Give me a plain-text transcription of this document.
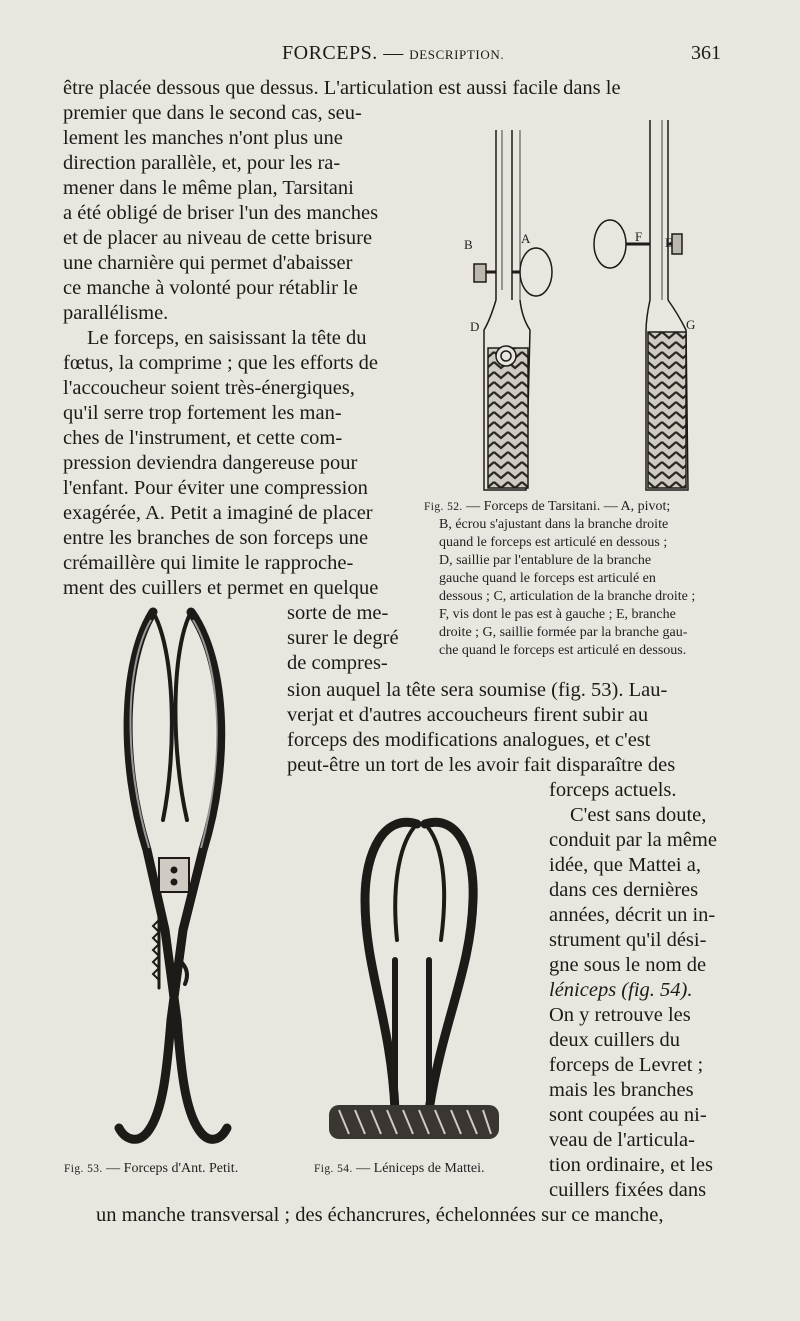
FORCEPS. — DESCRIPTION.	361
être placée dessous que dessus. L'articulation est aussi facile dans le
premier que dans le second cas, seu-
lement les manches n'ont plus une
direction parallèle, et, pour les ra-
mener dans le même plan, Tarsitani
a été obligé de briser l'un des manches
et de placer au niveau de cette brisure
une charnière qui permet d'abaisser
ce manche à volonté pour rétablir le
parallélisme.
Le forceps, en saisissant la tête du
fœtus, la comprime ; que les efforts de
l'accoucheur soient très-énergiques,
qu'il serre trop fortement les man-
ches de l'instrument, et cette com-
pression deviendra dangereuse pour
l'enfant. Pour éviter une compression
exagérée, A. Petit a imaginé de placer
entre les branches de son forceps une
crémaillère qui limite le rapproche-
ment des cuillers et permet en quelque
sorte de me-
surer le degré
de compres-
sion auquel la tête sera soumise (fig. 53). Lau-
verjat et d'autres accoucheurs firent subir au
forceps des modifications analogues, et c'est
peut-être un tort de les avoir fait disparaître des
forceps actuels.
C'est sans doute,
conduit par la même
idée, que Mattei a,
dans ces dernières
années, décrit un in-
strument qu'il dési-
gne sous le nom de
léniceps (fig. 54).
On y retrouve les
deux cuillers du
forceps de Levret ;
mais les branches
sont coupées au ni-
veau de l'articula-
tion ordinaire, et les
cuillers fixées dans
un manche transversal ; des échancrures, échelonnées sur ce manche,
B	A
D
F E
G
Fig. 52. — Forceps de Tarsitani. — A, pivot;
B, écrou s'ajustant dans la branche droite
quand le forceps est articulé en dessous ;
D, saillie par l'entablure de la branche
gauche quand le forceps est articulé en
dessous ; C, articulation de la branche droite ;
F, vis dont le pas est à gauche ; E, branche
droite ; G, saillie formée par la branche gau-
che quand le forceps est articulé en dessous.
Fig. 53. — Forceps d'Ant. Petit.	Fig. 54. — Léniceps de Mattei.
